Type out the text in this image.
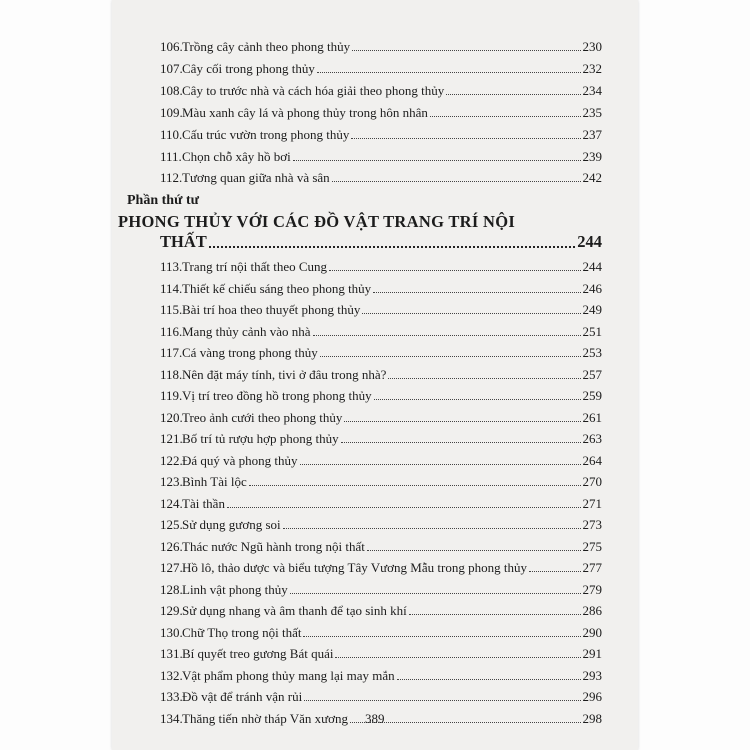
106. Trồng cây cảnh theo phong thủy	230
107. Cây cối trong phong thủy	232
108. Cây to trước nhà và cách hóa giải theo phong thủy	234
109. Màu xanh cây lá và phong thủy trong hôn nhân	235
110. Cấu trúc vườn trong phong thủy	237
111. Chọn chỗ xây hồ bơi	239
112. Tương quan giữa nhà và sân	242
Phần thứ tư
PHONG THỦY VỚI CÁC ĐỒ VẬT TRANG TRÍ NỘI
THẤT	244
113. Trang trí nội thất theo Cung	244
114. Thiết kế chiếu sáng theo phong thủy	246
115. Bài trí hoa theo thuyết phong thủy	249
116. Mang thủy cảnh vào nhà	251
117. Cá vàng trong phong thủy	253
118. Nên đặt máy tính, tivi ở đâu trong nhà?	257
119. Vị trí treo đồng hồ trong phong thủy	259
120. Treo ảnh cưới theo phong thủy	261
121. Bố trí tủ rượu hợp phong thủy	263
122. Đá quý và phong thủy	264
123. Bình Tài lộc	270
124. Tài thần	271
125. Sử dụng gương soi	273
126. Thác nước Ngũ hành trong nội thất	275
127. Hồ lô, thảo dược và biểu tượng Tây Vương Mẫu trong phong thủy	277
128. Linh vật phong thủy	279
129. Sử dụng nhang và âm thanh để tạo sinh khí	286
130. Chữ Thọ trong nội thất	290
131. Bí quyết treo gương Bát quái	291
132. Vật phẩm phong thủy mang lại may mắn	293
133. Đồ vật để tránh vận rủi	296
134. Thăng tiến nhờ tháp Văn xương	298
389
